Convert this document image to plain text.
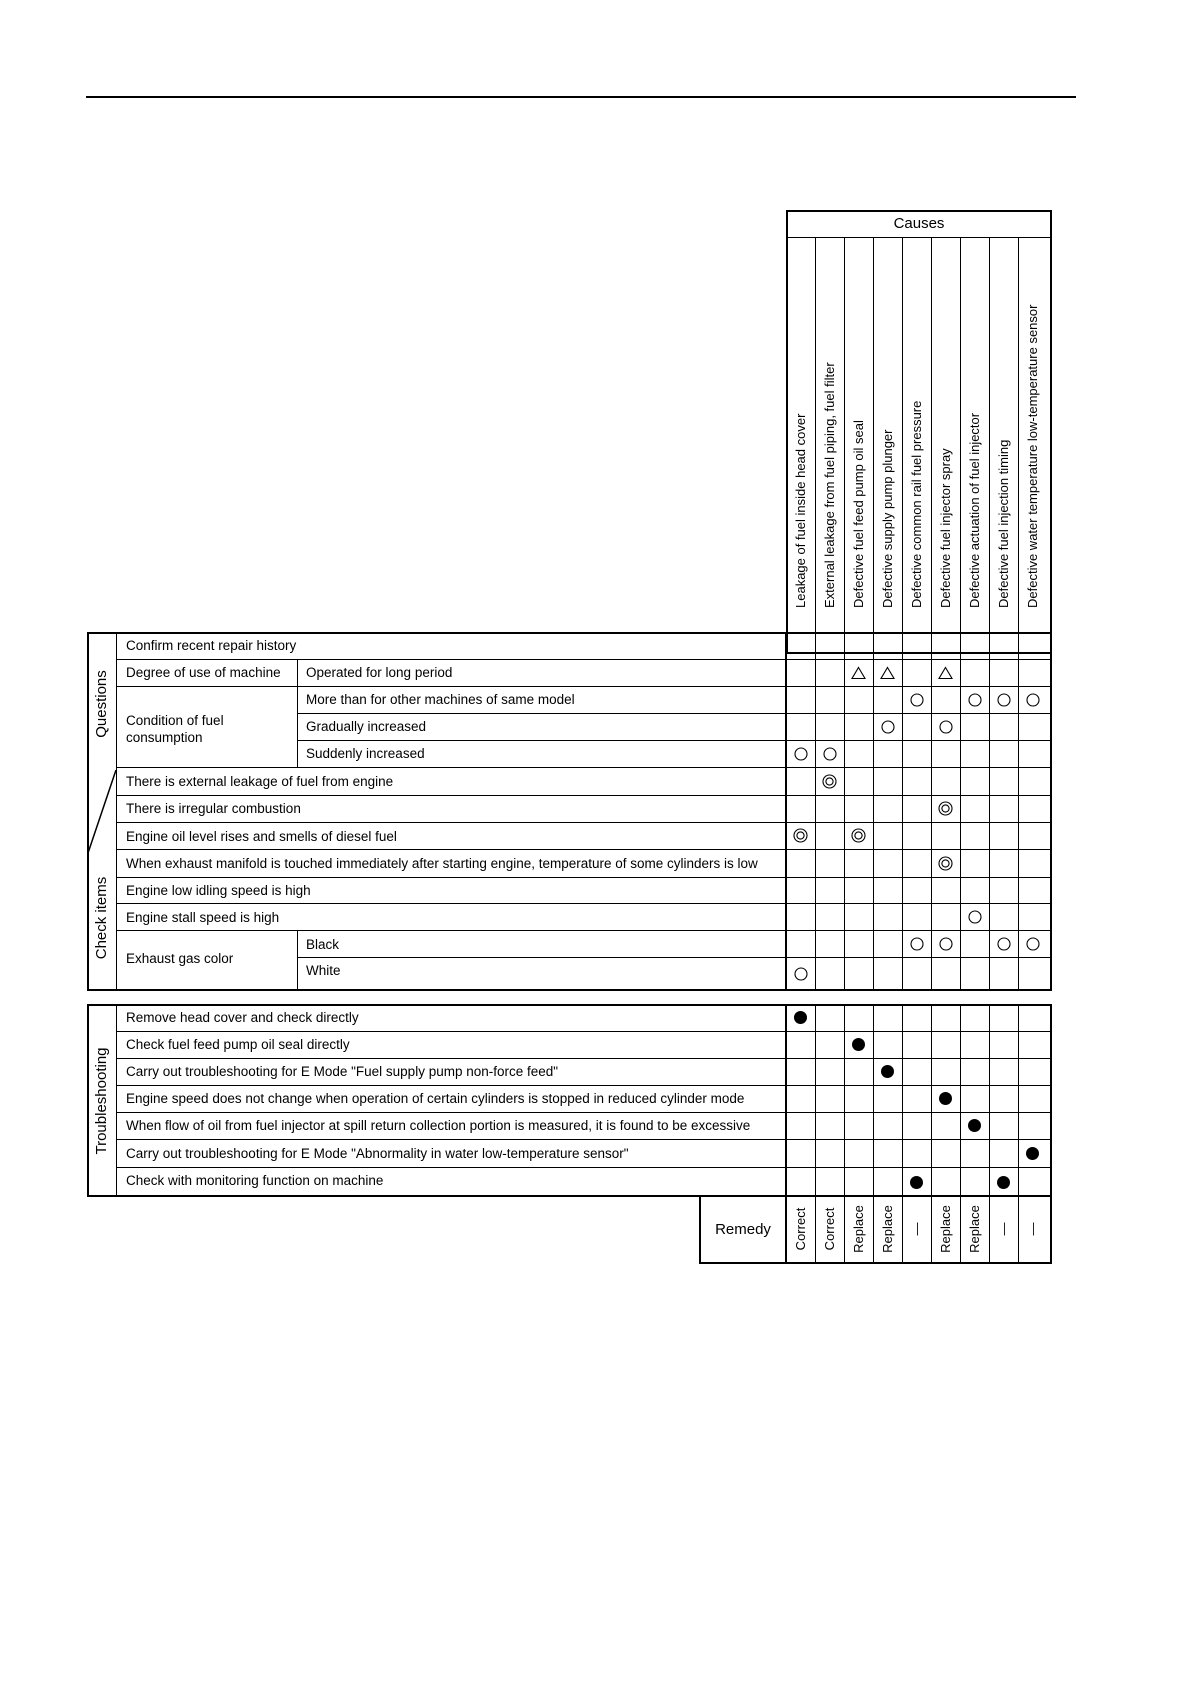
Causes
Leakage of fuel inside head cover External leakage from fuel piping, fuel filter Defective fuel feed pump oil seal Defective supply pump plunger Defective common rail fuel pressure Defective fuel injector spray Defective actuation of fuel injector Defective fuel injection timing Defective water temperature low-temperature sensor
Questions
Check items
Troubleshooting
Remedy	Correct Correct Replace Replace — Replace Replace — —
Confirm recent repair history
Degree of use of machine Operated for long period
Condition of fuel consumption
More than for other machines of same model
Gradually increased
Suddenly increased
There is external leakage of fuel from engine
There is irregular combustion
Engine oil level rises and smells of diesel fuel
When exhaust manifold is touched immediately after starting engine, temperature of some cylinders is low
Engine low idling speed is high
Engine stall speed is high
Exhaust gas color
Black
White
Remove head cover and check directly
Check fuel feed pump oil seal directly
Carry out troubleshooting for E Mode "Fuel supply pump non-force feed"
Engine speed does not change when operation of certain cylinders is stopped in reduced cylinder mode
When flow of oil from fuel injector at spill return collection portion is measured, it is found to be excessive
Carry out troubleshooting for E Mode "Abnormality in water low-temperature sensor"
Check with monitoring function on machine
